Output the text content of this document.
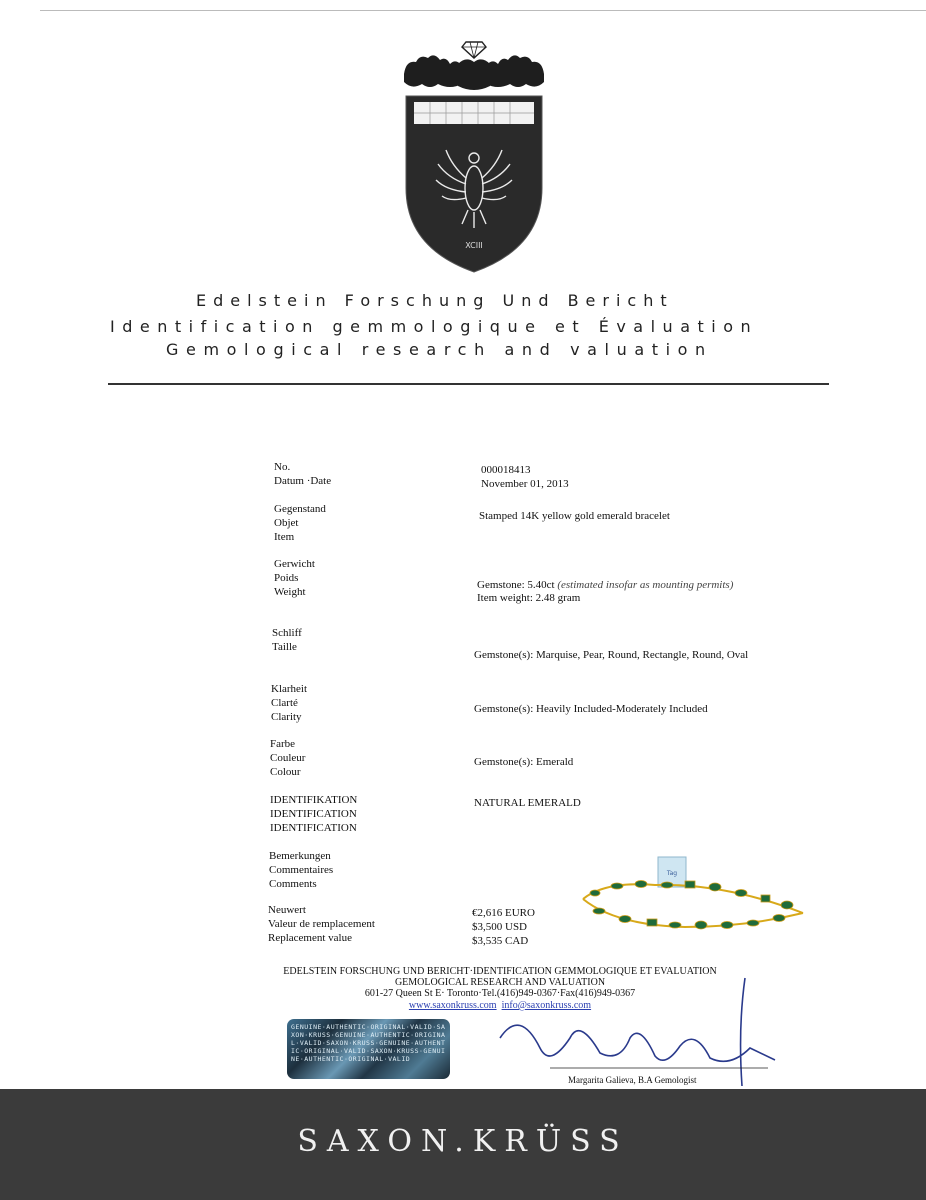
XCIII
Edelstein Forschung Und Bericht
Identification gemmologique et Évaluation
Gemological research and valuation
No.
Datum ·Date
000018413
November 01, 2013
Gegenstand
Objet
Item
Stamped 14K yellow gold emerald bracelet
Gerwicht
Poids
Weight
Gemstone: 5.40ct (estimated insofar as mounting permits)
Item weight: 2.48 gram
Schliff
Taille
Gemstone(s): Marquise, Pear, Round, Rectangle, Round, Oval
Klarheit
Clarté
Clarity
Gemstone(s): Heavily Included-Moderately Included
Farbe
Couleur
Colour
Gemstone(s): Emerald
IDENTIFIKATION
IDENTIFICATION
IDENTIFICATION
NATURAL EMERALD
Bemerkungen
Commentaires
Comments
Neuwert
Valeur de remplacement
Replacement value
€2,616 EURO
$3,500 USD
$3,535 CAD
Tag
EDELSTEIN FORSCHUNG UND BERICHT·IDENTIFICATION GEMMOLOGIQUE ET EVALUATION
GEMOLOGICAL RESEARCH AND VALUATION
601-27 Queen St E· Toronto·Tel.(416)949-0367·Fax(416)949-0367
www.saxonkruss.com info@saxonkruss.com
GENUINE·AUTHENTIC·ORIGINAL·VALID·SAXON·KRUSS·GENUINE·AUTHENTIC·ORIGINAL·VALID·SAXON·KRUSS·GENUINE·AUTHENTIC·ORIGINAL·VALID·SAXON·KRUSS·GENUINE·AUTHENTIC·ORIGINAL·VALID
Margarita Galieva, B.A Gemologist
SAXON.KRÜSS
